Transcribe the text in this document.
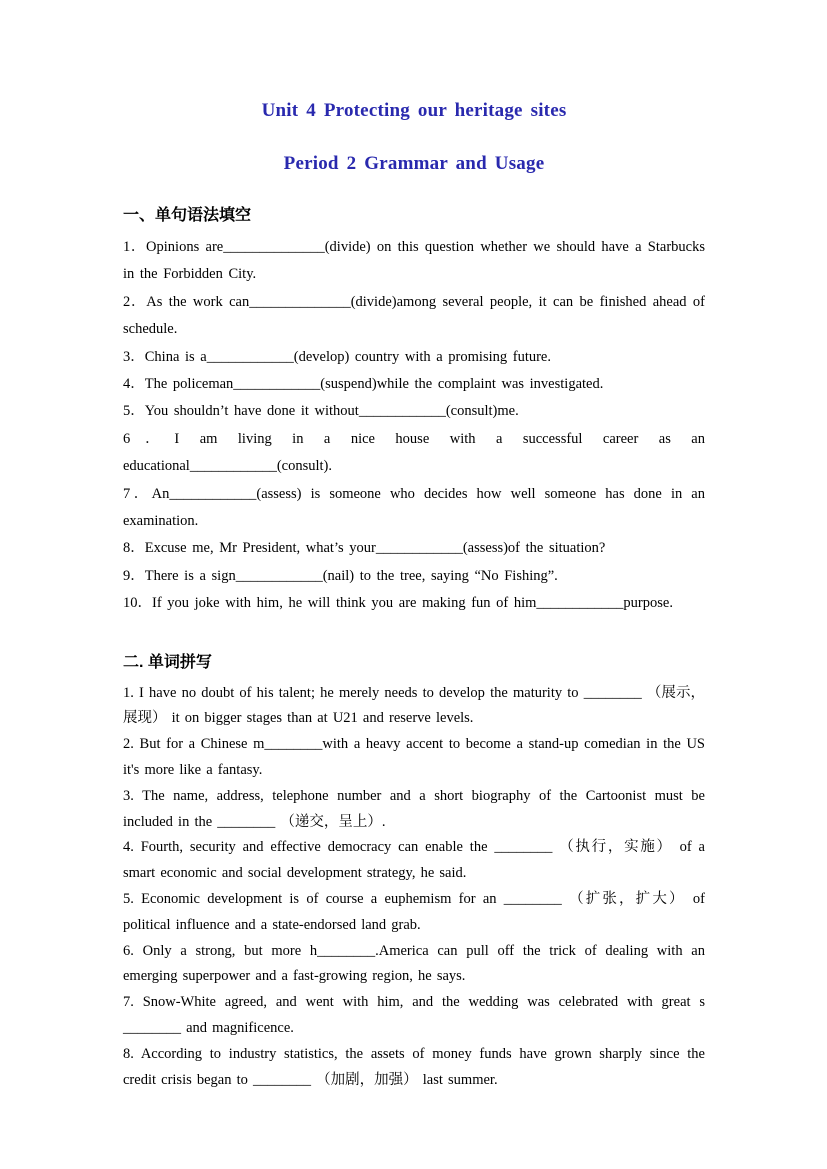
Unit 4 Protecting our heritage sites
Period 2 Grammar and Usage
一、单句语法填空

1．Opinions are______________(divide) on this question whether we should have a Starbucks in the Forbidden City.

2．As the work can______________(divide)among several people, it can be finished ahead of schedule.

3．China is a____________(develop) country with a promising future.

4．The policeman____________(suspend)while the complaint was investigated.

5．You shouldn’t have done it without____________(consult)me.

6．I am living in a nice house with a successful career as an educational____________(consult).

7．An____________(assess) is someone who decides how well someone has done in an examination.

8．Excuse me, Mr President, what’s your____________(assess)of the situation?

9．There is a sign____________(nail) to the tree, saying “No Fishing”.

10．If you joke with him, he will think you are making fun of him____________purpose.

二. 单词拼写

1. I have no doubt of his talent; he merely needs to develop the maturity to ________ （展示，展现） it on bigger stages than at U21 and reserve levels.

2. But for a Chinese m________with a heavy accent to become a stand-up comedian in the US it's more like a fantasy.

3. The name, address, telephone number and a short biography of the Cartoonist must be included in the ________ （递交，呈上）.

4. Fourth, security and effective democracy can enable the ________ （执行，实施） of a smart economic and social development strategy, he said.

5. Economic development is of course a euphemism for an ________ （扩张，扩大） of political influence and a state-endorsed land grab.

6. Only a strong, but more h________.America can pull off the trick of dealing with an emerging superpower and a fast-growing region, he says.

7. Snow-White agreed, and went with him, and the wedding was celebrated with great s ________ and magnificence.

8. According to industry statistics, the assets of money funds have grown sharply since the credit crisis began to ________ （加剧，加强） last summer.
